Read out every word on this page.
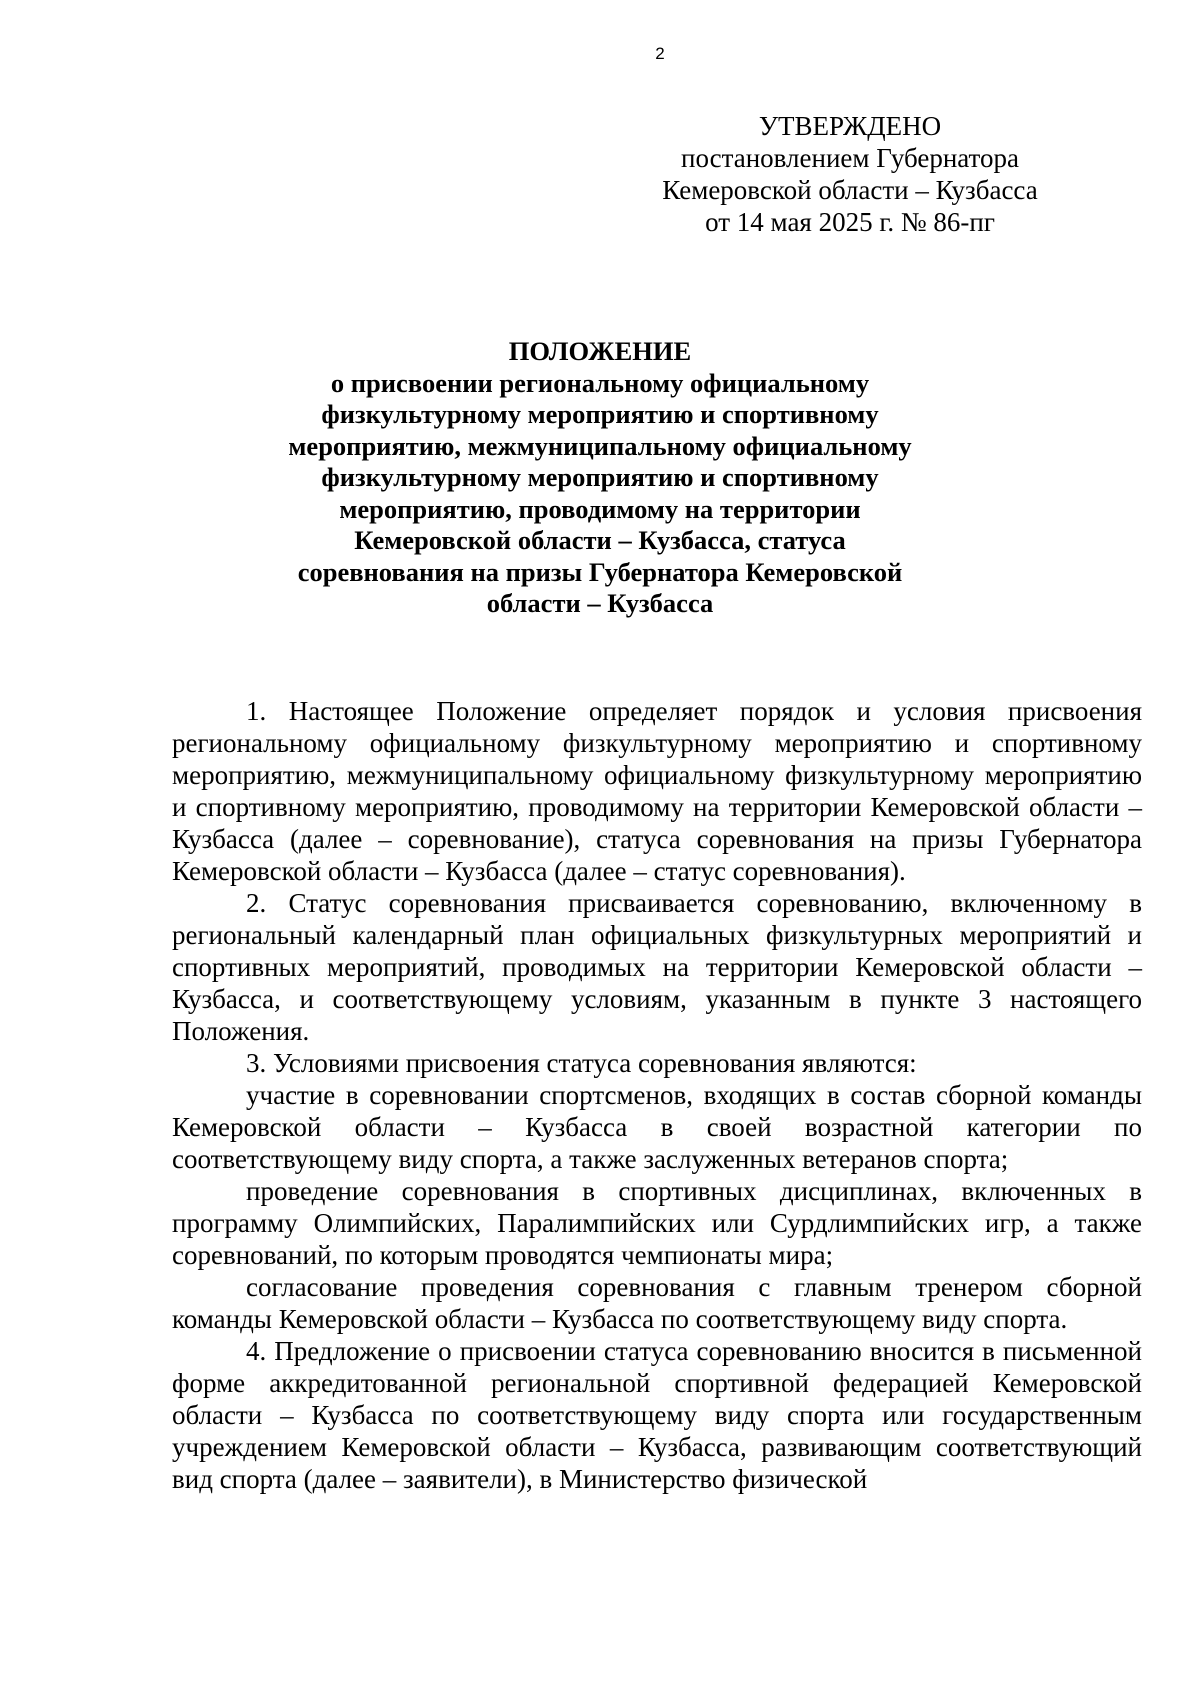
2
УТВЕРЖДЕНО
постановлением Губернатора
Кемеровской области – Кузбасса
от 14 мая 2025 г. № 86-пг
ПОЛОЖЕНИЕ
о присвоении региональному официальному
физкультурному мероприятию и спортивному
мероприятию, межмуниципальному официальному
физкультурному мероприятию и спортивному
мероприятию, проводимому на территории
Кемеровской области – Кузбасса, статуса
соревнования на призы Губернатора Кемеровской
области – Кузбасса

1. Настоящее Положение определяет порядок и условия присвоения региональному официальному физкультурному мероприятию и спортивному мероприятию, межмуниципальному официальному физкультурному мероприятию и спортивному мероприятию, проводимому на территории Кемеровской области – Кузбасса (далее – соревнование), статуса соревнования на призы Губернатора Кемеровской области – Кузбасса (далее – статус соревнования).

2. Статус соревнования присваивается соревнованию, включенному в региональный календарный план официальных физкультурных мероприятий и спортивных мероприятий, проводимых на территории Кемеровской области – Кузбасса, и соответствующему условиям, указанным в пункте 3 настоящего Положения.

3. Условиями присвоения статуса соревнования являются:

участие в соревновании спортсменов, входящих в состав сборной команды Кемеровской области – Кузбасса в своей возрастной категории по соответствующему виду спорта, а также заслуженных ветеранов спорта;

проведение соревнования в спортивных дисциплинах, включенных в программу Олимпийских, Паралимпийских или Сурдлимпийских игр, а также соревнований, по которым проводятся чемпионаты мира;

согласование проведения соревнования с главным тренером сборной команды Кемеровской области – Кузбасса по соответствующему виду спорта.

4. Предложение о присвоении статуса соревнованию вносится в письменной форме аккредитованной региональной спортивной федерацией Кемеровской области – Кузбасса по соответствующему виду спорта или государственным учреждением Кемеровской области – Кузбасса, развивающим соответствующий вид спорта (далее – заявители), в Министерство физической
